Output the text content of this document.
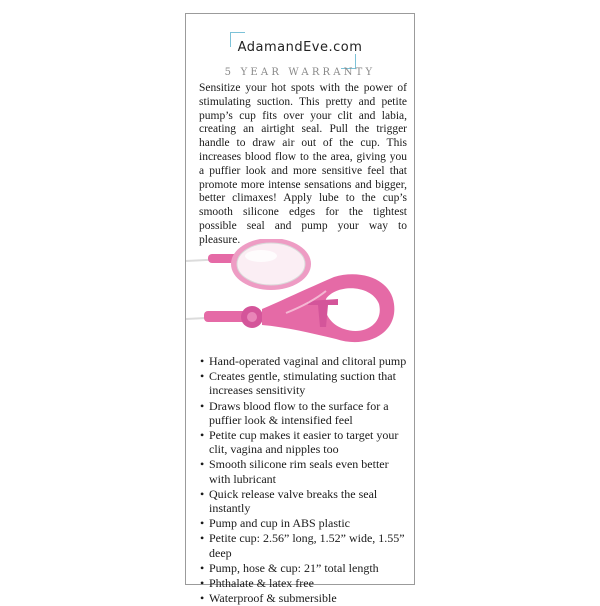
AdamandEve.com
5 YEAR WARRANTY

Sensitize your hot spots with the power of stimulating suction. This pretty and petite pump’s cup fits over your clit and labia, creating an airtight seal. Pull the trigger handle to draw air out of the cup. This increases blood flow to the area, giving you a puffier look and more sensitive feel that promote more intense sensations and bigger, better climaxes! Apply lube to the cup’s smooth silicone edges for the tightest possible seal and pump your way to pleasure.

• Hand-operated vaginal and clitoral pump
• Creates gentle, stimulating suction that increases sensitivity
• Draws blood flow to the surface for a puffier look & intensified feel
• Petite cup makes it easier to target your clit, vagina and nipples too
• Smooth silicone rim seals even better with lubricant
• Quick release valve breaks the seal instantly
• Pump and cup in ABS plastic
• Petite cup: 2.56” long, 1.52” wide, 1.55” deep
• Pump, hose & cup: 21” total length
• Phthalate & latex free
• Waterproof & submersible
